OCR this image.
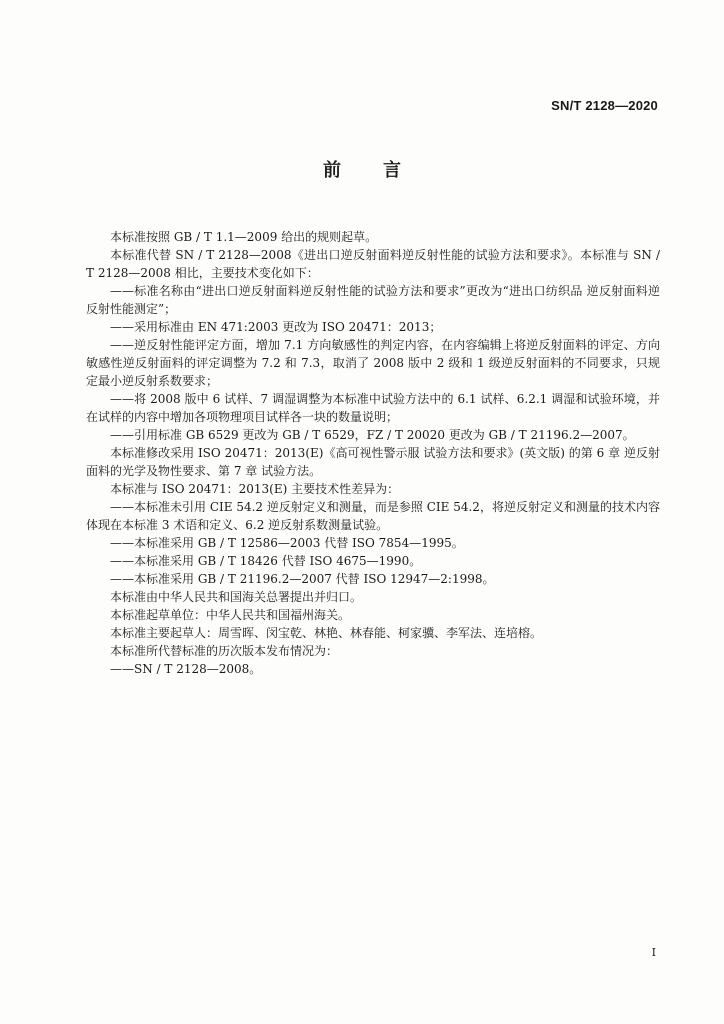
SN/T 2128—2020
前言

本标准按照 GB / T 1.1—2009 给出的规则起草。

本标准代替 SN / T 2128—2008《进出口逆反射面料逆反射性能的试验方法和要求》。本标准与 SN / T 2128—2008 相比，主要技术变化如下：

——标准名称由“进出口逆反射面料逆反射性能的试验方法和要求”更改为“进出口纺织品 逆反射面料逆反射性能测定”；

——采用标准由 EN 471:2003 更改为 ISO 20471：2013；

——逆反射性能评定方面，增加 7.1 方向敏感性的判定内容，在内容编辑上将逆反射面料的评定、方向敏感性逆反射面料的评定调整为 7.2 和 7.3，取消了 2008 版中 2 级和 1 级逆反射面料的不同要求，只规定最小逆反射系数要求；

——将 2008 版中 6 试样、7 调湿调整为本标准中试验方法中的 6.1 试样、6.2.1 调湿和试验环境，并在试样的内容中增加各项物理项目试样各一块的数量说明；

——引用标准 GB 6529 更改为 GB / T 6529，FZ / T 20020 更改为 GB / T 21196.2—2007。

本标准修改采用 ISO 20471：2013(E)《高可视性警示服 试验方法和要求》(英文版) 的第 6 章 逆反射面料的光学及物性要求、第 7 章 试验方法。

本标准与 ISO 20471：2013(E) 主要技术性差异为：

——本标准未引用 CIE 54.2 逆反射定义和测量，而是参照 CIE 54.2，将逆反射定义和测量的技术内容体现在本标准 3 术语和定义、6.2 逆反射系数测量试验。

——本标准采用 GB / T 12586—2003 代替 ISO 7854—1995。

——本标准采用 GB / T 18426 代替 ISO 4675—1990。

——本标准采用 GB / T 21196.2—2007 代替 ISO 12947—2:1998。

本标准由中华人民共和国海关总署提出并归口。

本标准起草单位：中华人民共和国福州海关。

本标准主要起草人：周雪晖、闵宝乾、林艳、林春能、柯家骥、李军法、连培榕。

本标准所代替标准的历次版本发布情况为：

——SN / T 2128—2008。

I
